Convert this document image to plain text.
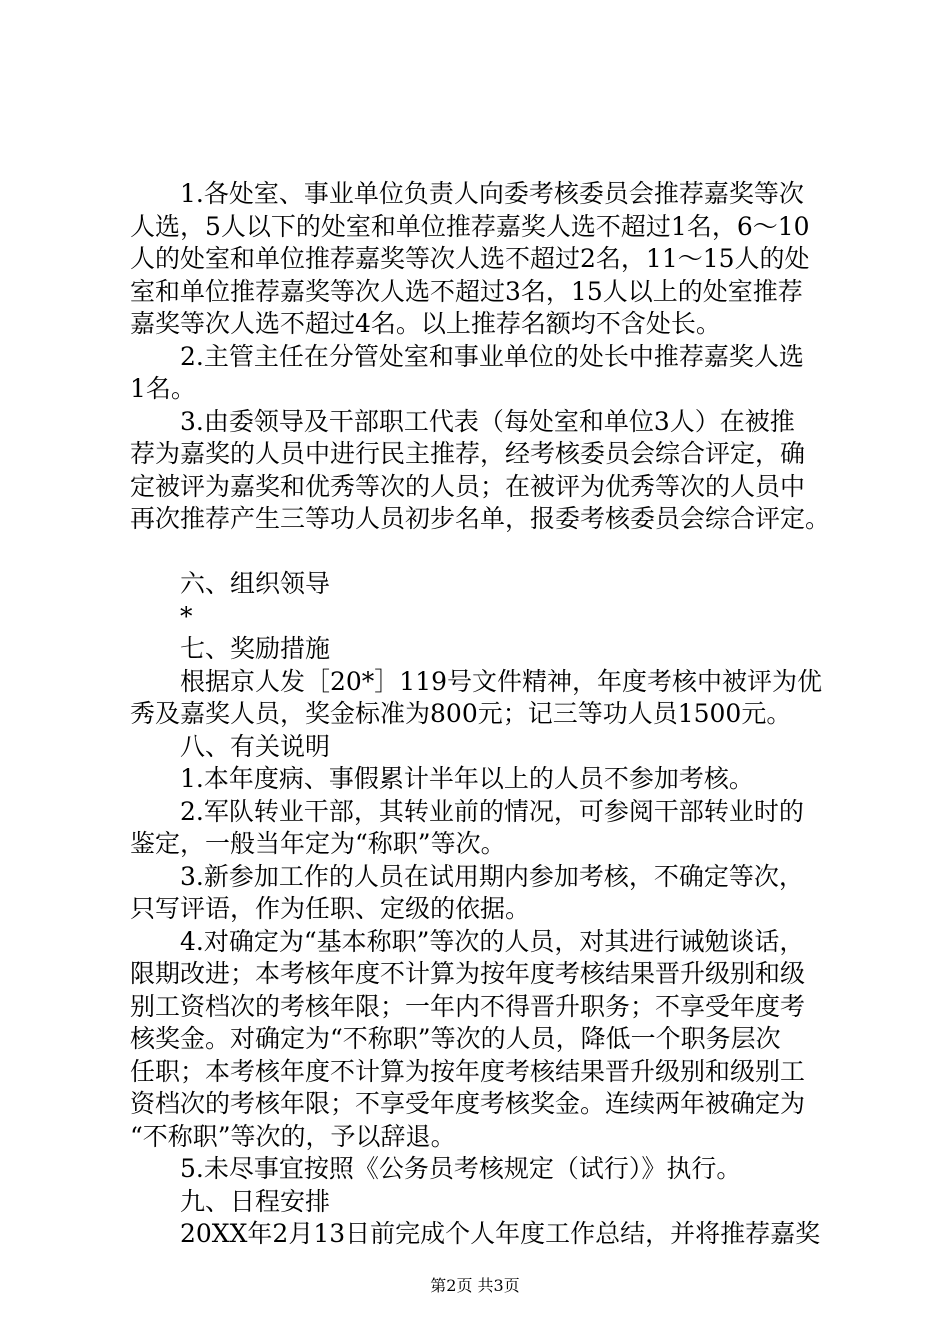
1.各处室、事业单位负责人向委考核委员会推荐嘉奖等次
人选，5人以下的处室和单位推荐嘉奖人选不超过1名，6～10
人的处室和单位推荐嘉奖等次人选不超过2名，11～15人的处
室和单位推荐嘉奖等次人选不超过3名，15人以上的处室推荐
嘉奖等次人选不超过4名。以上推荐名额均不含处长。
2.主管主任在分管处室和事业单位的处长中推荐嘉奖人选
1名。
3.由委领导及干部职工代表（每处室和单位3人）在被推
荐为嘉奖的人员中进行民主推荐，经考核委员会综合评定，确
定被评为嘉奖和优秀等次的人员；在被评为优秀等次的人员中
再次推荐产生三等功人员初步名单，报委考核委员会综合评定。
六、组织领导
*
七、奖励措施
根据京人发［20*］119号文件精神，年度考核中被评为优
秀及嘉奖人员，奖金标准为800元；记三等功人员1500元。
八、有关说明
1.本年度病、事假累计半年以上的人员不参加考核。
2.军队转业干部，其转业前的情况，可参阅干部转业时的
鉴定，一般当年定为“称职”等次。
3.新参加工作的人员在试用期内参加考核，不确定等次，
只写评语，作为任职、定级的依据。
4.对确定为“基本称职”等次的人员，对其进行诫勉谈话，
限期改进；本考核年度不计算为按年度考核结果晋升级别和级
别工资档次的考核年限；一年内不得晋升职务；不享受年度考
核奖金。对确定为“不称职”等次的人员，降低一个职务层次
任职；本考核年度不计算为按年度考核结果晋升级别和级别工
资档次的考核年限；不享受年度考核奖金。连续两年被确定为
“不称职”等次的，予以辞退。
5.未尽事宜按照《公务员考核规定（试行）》执行。
九、日程安排
20XX年2月13日前完成个人年度工作总结，并将推荐嘉奖
第2页 共3页
